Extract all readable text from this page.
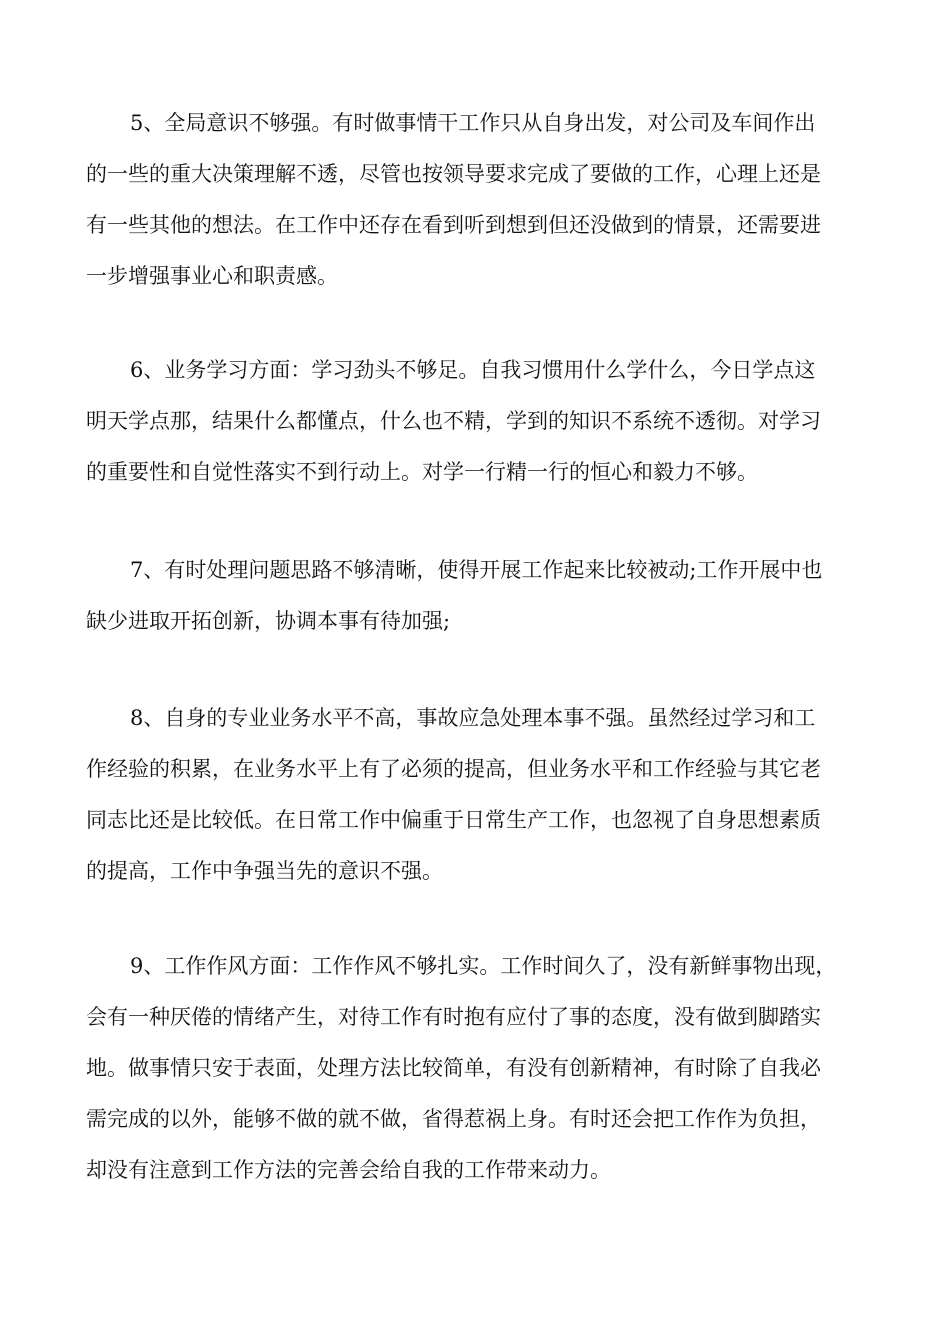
5、全局意识不够强。有时做事情干工作只从自身出发，对公司及车间作出
的一些的重大决策理解不透，尽管也按领导要求完成了要做的工作，心理上还是
有一些其他的想法。在工作中还存在看到听到想到但还没做到的情景，还需要进
一步增强事业心和职责感。

6、业务学习方面：学习劲头不够足。自我习惯用什么学什么，今日学点这
明天学点那，结果什么都懂点，什么也不精，学到的知识不系统不透彻。对学习
的重要性和自觉性落实不到行动上。对学一行精一行的恒心和毅力不够。

7、有时处理问题思路不够清晰，使得开展工作起来比较被动;工作开展中也
缺少进取开拓创新，协调本事有待加强;

8、自身的专业业务水平不高，事故应急处理本事不强。虽然经过学习和工
作经验的积累，在业务水平上有了必须的提高，但业务水平和工作经验与其它老
同志比还是比较低。在日常工作中偏重于日常生产工作，也忽视了自身思想素质
的提高，工作中争强当先的意识不强。

9、工作作风方面：工作作风不够扎实。工作时间久了，没有新鲜事物出现，
会有一种厌倦的情绪产生，对待工作有时抱有应付了事的态度，没有做到脚踏实
地。做事情只安于表面，处理方法比较简单，有没有创新精神，有时除了自我必
需完成的以外，能够不做的就不做，省得惹祸上身。有时还会把工作作为负担，
却没有注意到工作方法的完善会给自我的工作带来动力。
